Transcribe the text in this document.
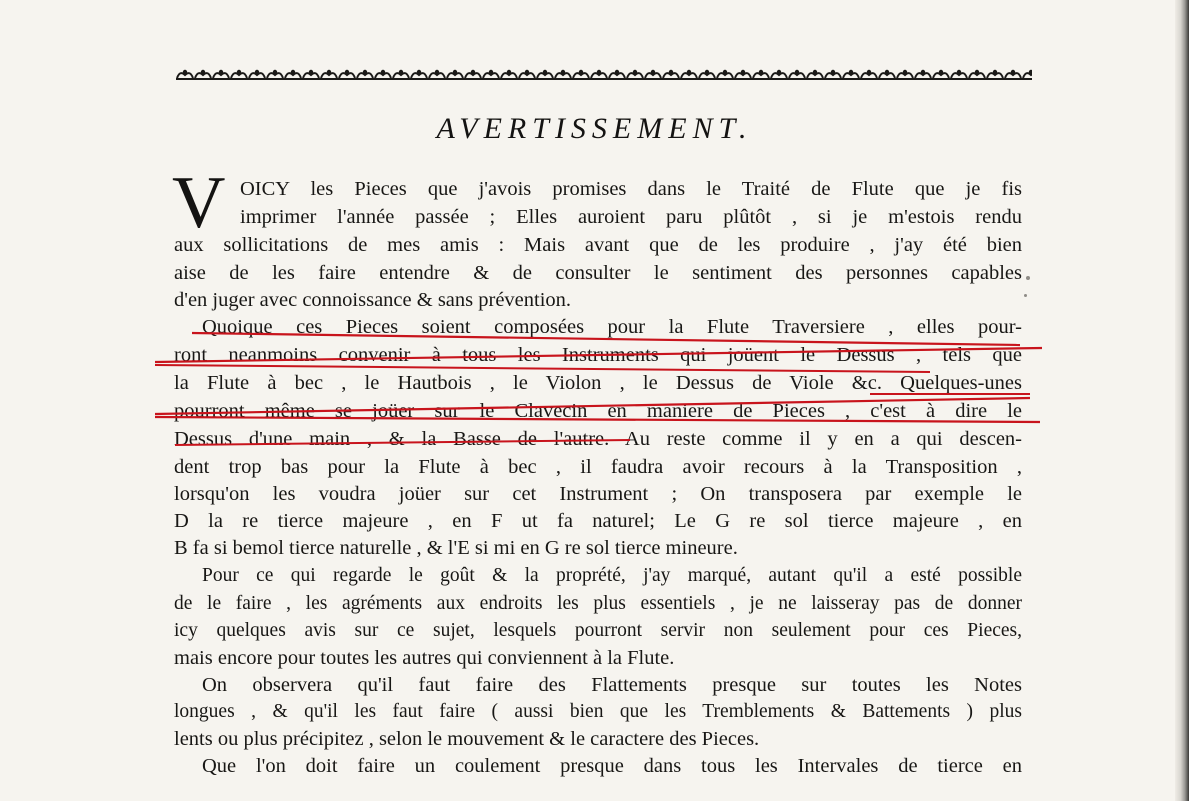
AVERTISSEMENT.
V OICY les Pieces que j'avois promises dans le Traité de Flute que je fis
imprimer l'année passée ; Elles auroient paru plûtôt , si je m'estois rendu
aux sollicitations de mes amis : Mais avant que de les produire , j'ay été bien
aise de les faire entendre & de consulter le sentiment des personnes capables
d'en juger avec connoissance & sans prévention.
Quoique ces Pieces soient composées pour la Flute Traversiere , elles pour-
ront neanmoins convenir à tous les Instruments qui joüent le Dessus , tels que
la Flute à bec , le Hautbois , le Violon , le Dessus de Viole &c. Quelques-unes
pourront même se joüer sur le Clavecin en maniere de Pieces , c'est à dire le
Dessus d'une main , & la Basse de l'autre. Au reste comme il y en a qui descen-
dent trop bas pour la Flute à bec , il faudra avoir recours à la Transposition ,
lorsqu'on les voudra joüer sur cet Instrument ; On transposera par exemple le
D la re tierce majeure , en F ut fa naturel; Le G re sol tierce majeure , en
B fa si bemol tierce naturelle , & l'E si mi en G re sol tierce mineure.
Pour ce qui regarde le goût & la proprété, j'ay marqué, autant qu'il a esté possible
de le faire , les agréments aux endroits les plus essentiels , je ne laisseray pas de donner
icy quelques avis sur ce sujet, lesquels pourront servir non seulement pour ces Pieces,
mais encore pour toutes les autres qui conviennent à la Flute.
On observera qu'il faut faire des Flattements presque sur toutes les Notes
longues , & qu'il les faut faire ( aussi bien que les Tremblements & Battements ) plus
lents ou plus précipitez , selon le mouvement & le caractere des Pieces.
Que l'on doit faire un coulement presque dans tous les Intervales de tierce en
